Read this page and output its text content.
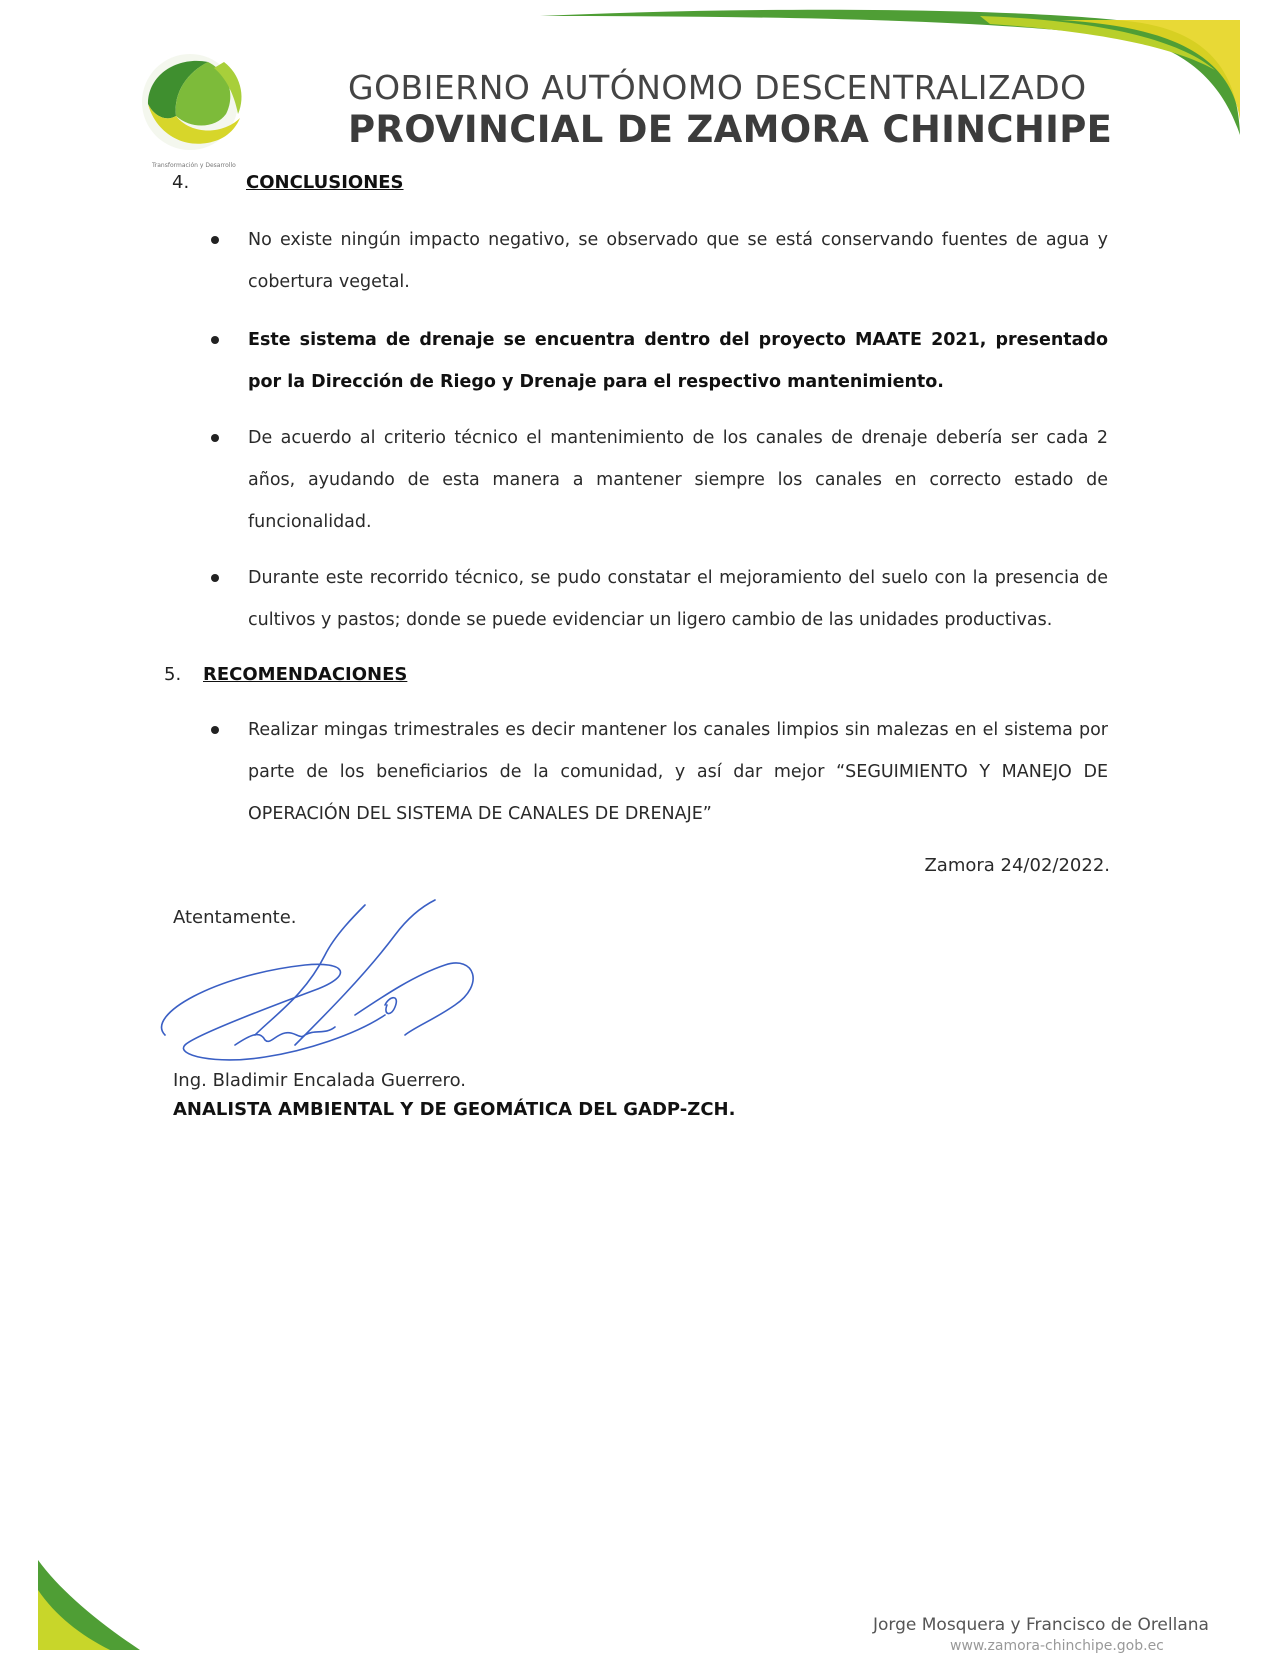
Transformación y Desarrollo
GOBIERNO AUTÓNOMO DESCENTRALIZADO
PROVINCIAL DE ZAMORA CHINCHIPE
4.	CONCLUSIONES
No existe ningún impacto negativo, se observado que se está conservando fuentes de agua y cobertura vegetal.
Este sistema de drenaje se encuentra dentro del proyecto MAATE 2021, presentado por la Dirección de Riego y Drenaje para el respectivo mantenimiento.
De acuerdo al criterio técnico el mantenimiento de los canales de drenaje debería ser cada 2 años, ayudando de esta manera a mantener siempre los canales en correcto estado de funcionalidad.
Durante este recorrido técnico, se pudo constatar el mejoramiento del suelo con la presencia de cultivos y pastos; donde se puede evidenciar un ligero cambio de las unidades productivas.
5. RECOMENDACIONES
Realizar mingas trimestrales es decir mantener los canales limpios sin malezas en el sistema por parte de los beneficiarios de la comunidad, y así dar mejor “SEGUIMIENTO Y MANEJO DE OPERACIÓN DEL SISTEMA DE CANALES DE DRENAJE”
Zamora 24/02/2022.
Atentamente.
Ing. Bladimir Encalada Guerrero.
ANALISTA AMBIENTAL Y DE GEOMÁTICA DEL GADP-ZCH.
Jorge Mosquera y Francisco de Orellana
www.zamora-chinchipe.gob.ec
